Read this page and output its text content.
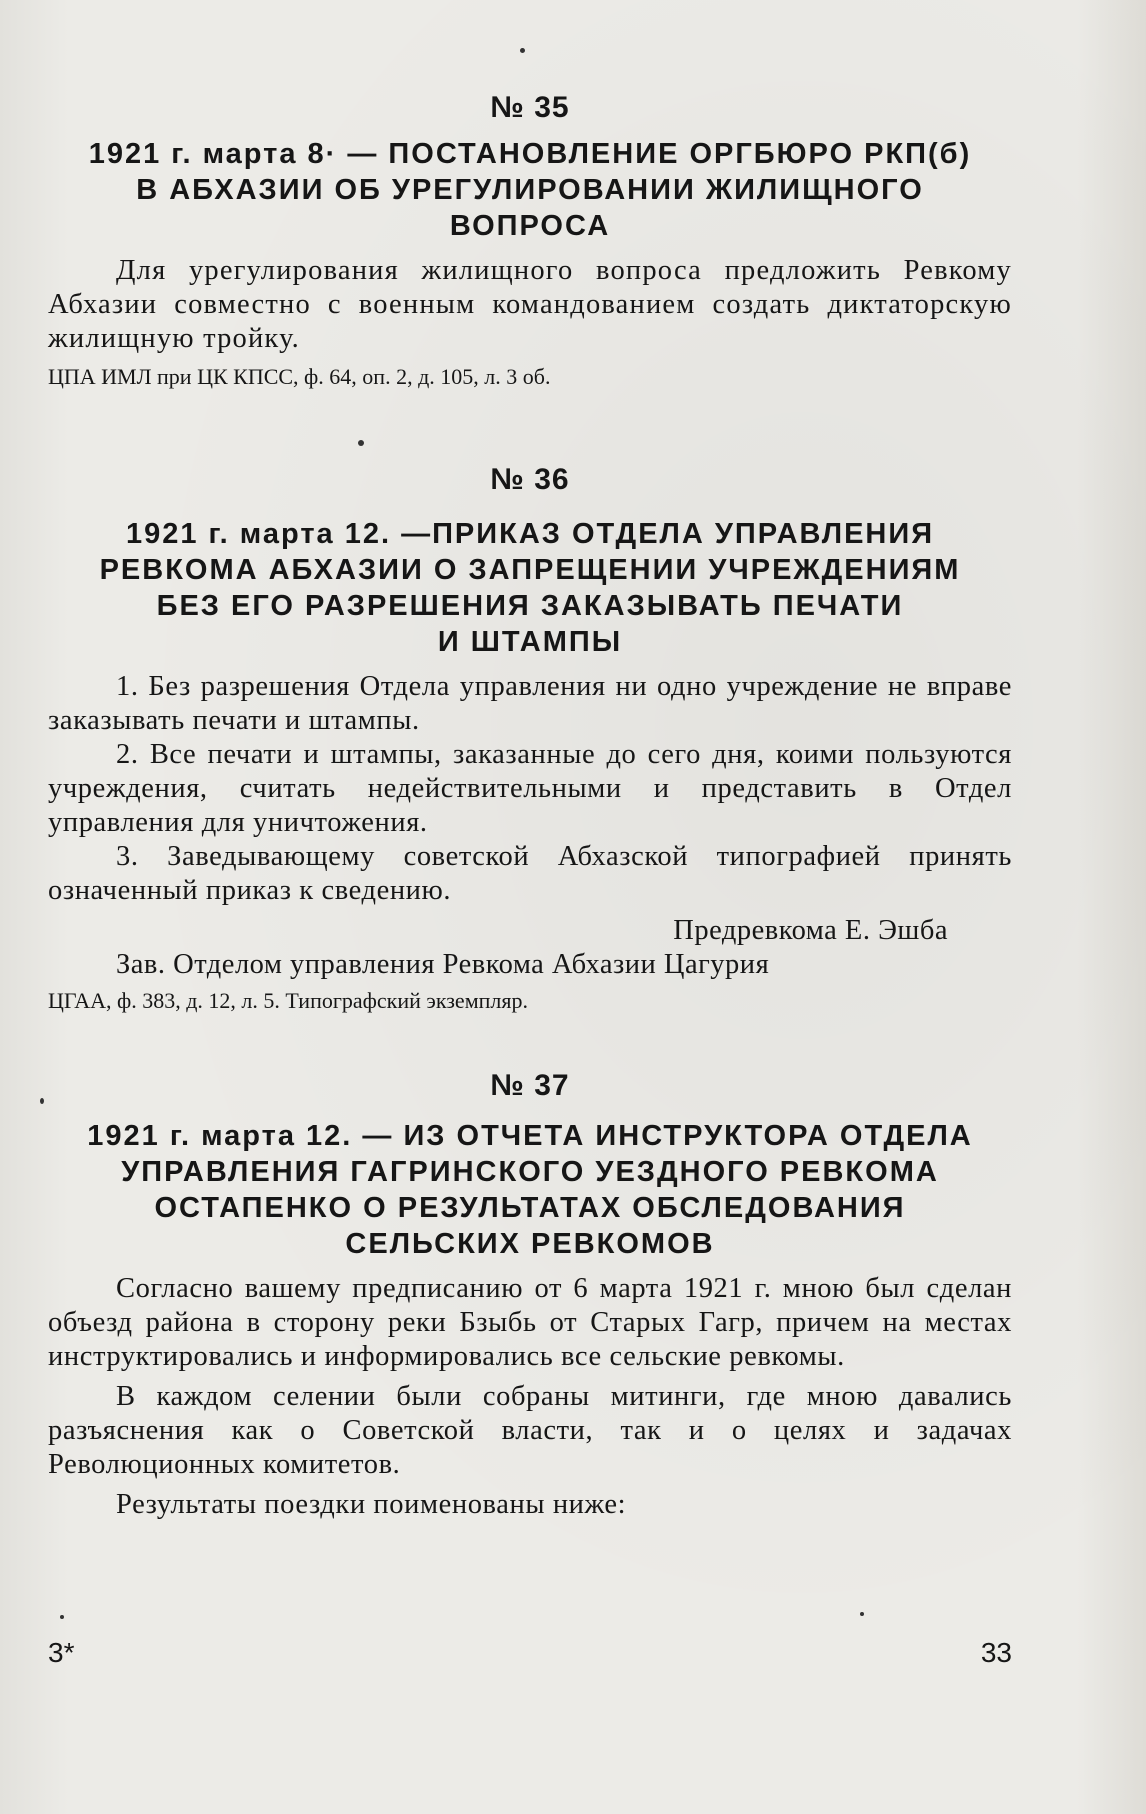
№ 35

1921 г. марта 8· — ПОСТАНОВЛЕНИЕ ОРГБЮРО РКП(б)

В АБХАЗИИ ОБ УРЕГУЛИРОВАНИИ ЖИЛИЩНОГО

ВОПРОСА

Для урегулирования жилищного вопроса предложить Ревкому Абхазии совместно с военным командованием создать диктаторскую жилищную тройку.

ЦПА ИМЛ при ЦК КПСС, ф. 64, оп. 2, д. 105, л. 3 об.

№ 36

1921 г. марта 12. —ПРИКАЗ ОТДЕЛА УПРАВЛЕНИЯ

РЕВКОМА АБХАЗИИ О ЗАПРЕЩЕНИИ УЧРЕЖДЕНИЯМ

БЕЗ ЕГО РАЗРЕШЕНИЯ ЗАКАЗЫВАТЬ ПЕЧАТИ

И ШТАМПЫ

1. Без разрешения Отдела управления ни одно учреждение не вправе заказывать печати и штампы.

2. Все печати и штампы, заказанные до сего дня, коими пользуются учреждения, считать недействительными и представить в Отдел управления для уничтожения.

3. Заведывающему советской Абхазской типографией принять означенный приказ к сведению.

Предревкома Е. Эшба

Зав. Отделом управления Ревкома Абхазии Цагурия

ЦГАА, ф. 383, д. 12, л. 5. Типографский экземпляр.

№ 37

1921 г. марта 12. — ИЗ ОТЧЕТА ИНСТРУКТОРА ОТДЕЛА

УПРАВЛЕНИЯ ГАГРИНСКОГО УЕЗДНОГО РЕВКОМА

ОСТАПЕНКО О РЕЗУЛЬТАТАХ ОБСЛЕДОВАНИЯ

СЕЛЬСКИХ РЕВКОМОВ

Согласно вашему предписанию от 6 марта 1921 г. мною был сделан объезд района в сторону реки Бзыбь от Старых Гагр, причем на местах инструктировались и информировались все сельские ревкомы.

В каждом селении были собраны митинги, где мною давались разъяснения как о Советской власти, так и о целях и задачах Революционных комитетов.

Результаты поездки поименованы ниже:

3*	33
